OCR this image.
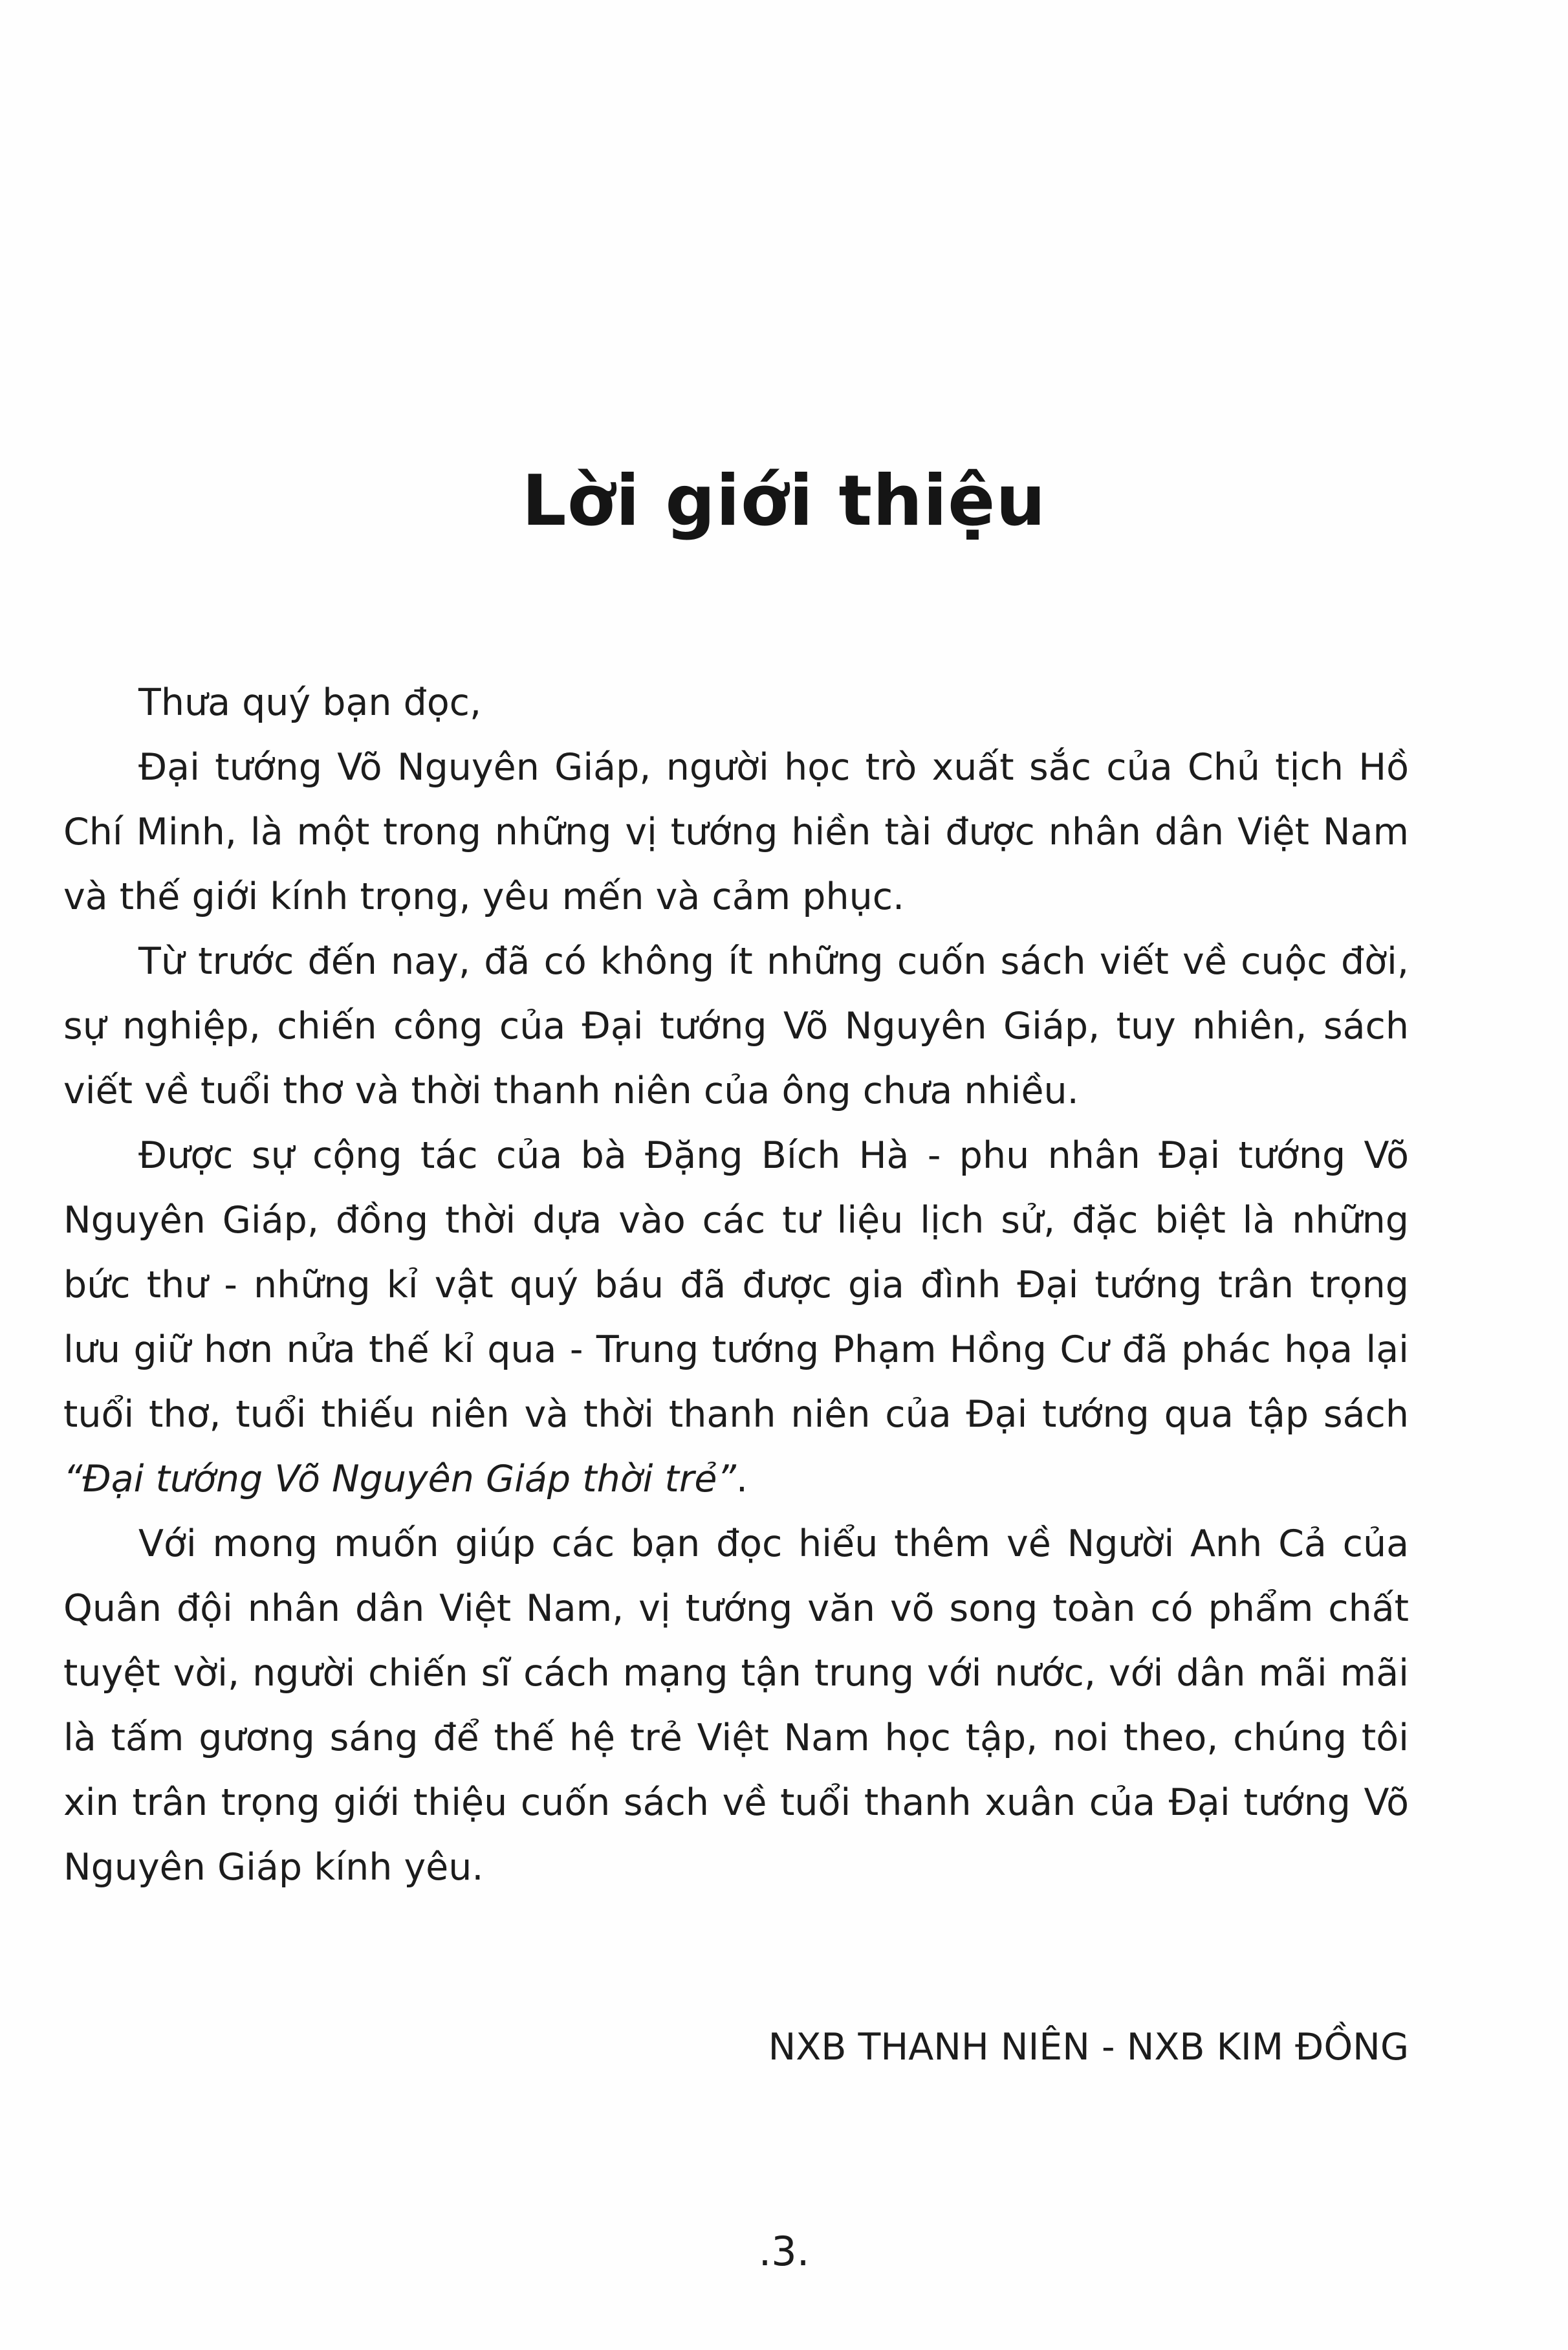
Lời giới thiệu

Thưa quý bạn đọc,

Đại tướng Võ Nguyên Giáp, người học trò xuất sắc của Chủ tịch Hồ Chí Minh, là một trong những vị tướng hiền tài được nhân dân Việt Nam và thế giới kính trọng, yêu mến và cảm phục.

Từ trước đến nay, đã có không ít những cuốn sách viết về cuộc đời, sự nghiệp, chiến công của Đại tướng Võ Nguyên Giáp, tuy nhiên, sách viết về tuổi thơ và thời thanh niên của ông chưa nhiều.

Được sự cộng tác của bà Đặng Bích Hà - phu nhân Đại tướng Võ Nguyên Giáp, đồng thời dựa vào các tư liệu lịch sử, đặc biệt là những bức thư - những kỉ vật quý báu đã được gia đình Đại tướng trân trọng lưu giữ hơn nửa thế kỉ qua - Trung tướng Phạm Hồng Cư đã phác họa lại tuổi thơ, tuổi thiếu niên và thời thanh niên của Đại tướng qua tập sách “Đại tướng Võ Nguyên Giáp thời trẻ”.

Với mong muốn giúp các bạn đọc hiểu thêm về Người Anh Cả của Quân đội nhân dân Việt Nam, vị tướng văn võ song toàn có phẩm chất tuyệt vời, người chiến sĩ cách mạng tận trung với nước, với dân mãi mãi là tấm gương sáng để thế hệ trẻ Việt Nam học tập, noi theo, chúng tôi xin trân trọng giới thiệu cuốn sách về tuổi thanh xuân của Đại tướng Võ Nguyên Giáp kính yêu.

NXB THANH NIÊN - NXB KIM ĐỒNG

.3.
